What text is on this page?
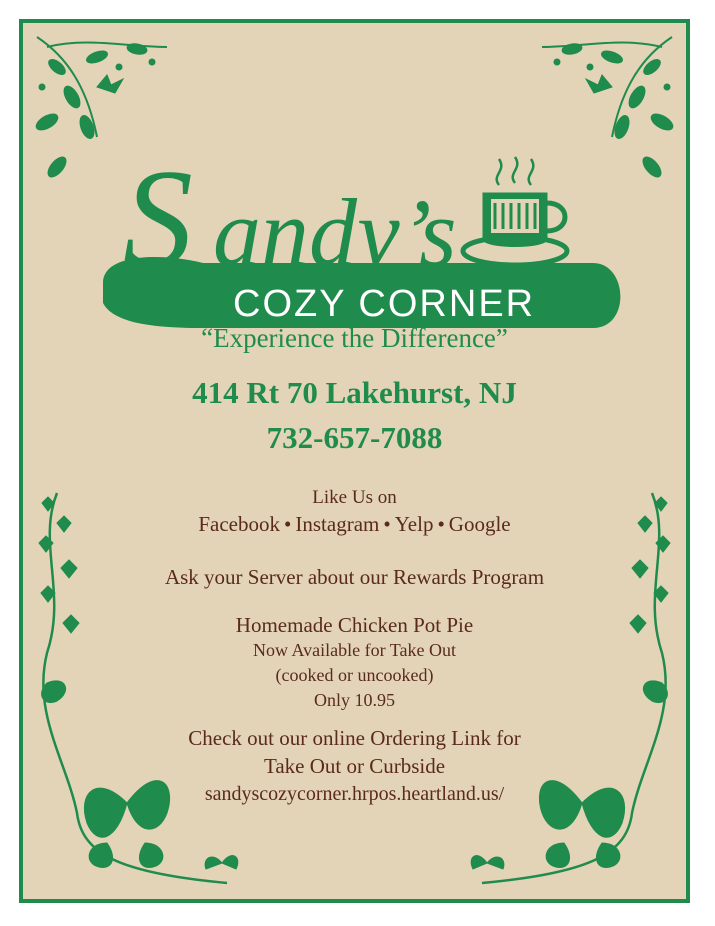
S andy’s
COZY CORNER
“Experience the Difference”
414 Rt 70 Lakehurst, NJ
732-657-7088
Like Us on
Facebook • Instagram • Yelp • Google
Ask your Server about our Rewards Program
Homemade Chicken Pot Pie
Now Available for Take Out
(cooked or uncooked)
Only 10.95
Check out our online Ordering Link for
Take Out or Curbside
sandyscozycorner.hrpos.heartland.us/
